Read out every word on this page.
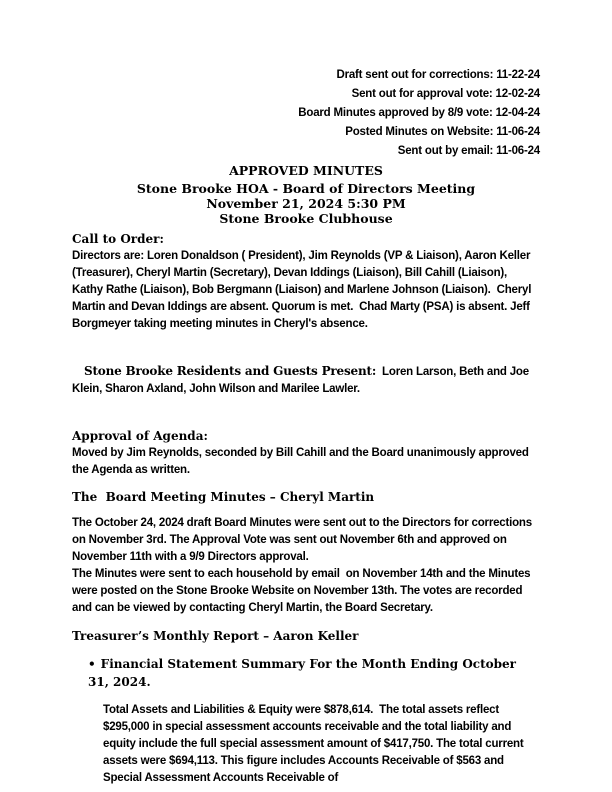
Draft sent out for corrections: 11-22-24
Sent out for approval vote: 12-02-24
Board Minutes approved by 8/9 vote: 12-04-24
Posted Minutes on Website: 11-06-24
Sent out by email: 11-06-24
APPROVED MINUTES
Stone Brooke HOA - Board of Directors Meeting
November 21, 2024 5:30 PM
Stone Brooke Clubhouse
Call to Order:
Directors are: Loren Donaldson ( President), Jim Reynolds (VP & Liaison), Aaron Keller (Treasurer), Cheryl Martin (Secretary), Devan Iddings (Liaison), Bill Cahill (Liaison), Kathy Rathe (Liaison), Bob Bergmann (Liaison) and Marlene Johnson (Liaison).  Cheryl Martin and Devan Iddings are absent. Quorum is met.  Chad Marty (PSA) is absent. Jeff Borgmeyer taking meeting minutes in Cheryl's absence.

Stone Brooke Residents and Guests Present:  Loren Larson, Beth and Joe Klein, Sharon Axland, John Wilson and Marilee Lawler.

Approval of Agenda:
Moved by Jim Reynolds, seconded by Bill Cahill and the Board unanimously approved the Agenda as written.
The  Board Meeting Minutes – Cheryl Martin
The October 24, 2024 draft Board Minutes were sent out to the Directors for corrections on November 3rd. The Approval Vote was sent out November 6th and approved on November 11th with a 9/9 Directors approval.
The Minutes were sent to each household by email  on November 14th and the Minutes were posted on the Stone Brooke Website on November 13th. The votes are recorded and can be viewed by contacting Cheryl Martin, the Board Secretary.
Treasurer’s Monthly Report – Aaron Keller
• Financial Statement Summary For the Month Ending October 31, 2024.
Total Assets and Liabilities & Equity were $878,614.  The total assets reflect $295,000 in special assessment accounts receivable and the total liability and equity include the full special assessment amount of $417,750. The total current assets were $694,113. This figure includes Accounts Receivable of $563 and Special Assessment Accounts Receivable of
